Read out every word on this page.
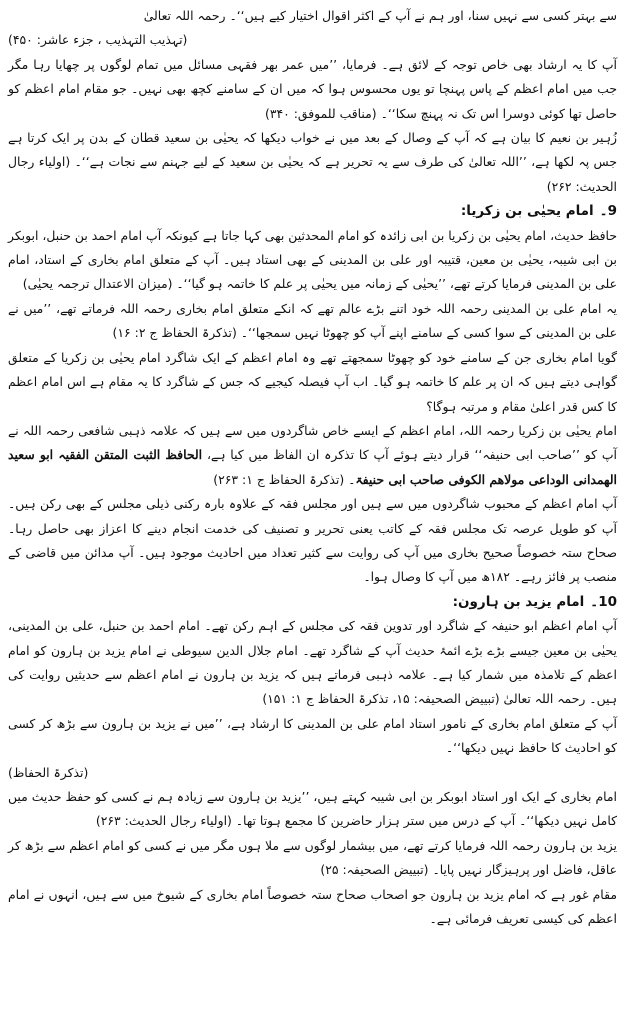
سے بہتر کسی سے نہیں سنا، اور ہم نے آپ کے اکثر اقوال اختیار کیے ہیں‘‘۔ رحمہ اللہ تعالیٰ

(تہذیب التہذیب ، جزء عاشر: ۴۵۰)

آپ کا یہ ارشاد بھی خاص توجہ کے لائق ہے۔ فرمایا، ’’میں عمر بھر فقہی مسائل میں تمام لوگوں پر چھایا رہا مگر جب میں امام اعظم کے پاس پہنچا تو یوں محسوس ہوا کہ میں ان کے سامنے کچھ بھی نہیں۔ جو مقام امام اعظم کو حاصل تھا کوئی دوسرا اس تک نہ پہنچ سکا‘‘۔ (مناقب للموفق: ۳۴۰)

زُہیر بن نعیم کا بیان ہے کہ آپ کے وصال کے بعد میں نے خواب دیکھا کہ یحیٰی بن سعید قطان کے بدن پر ایک کرتا ہے جس پہ لکھا ہے، ’’اللہ تعالیٰ کی طرف سے یہ تحریر ہے کہ یحیٰی بن سعید کے لیے جہنم سے نجات ہے‘‘۔ (اولیاء رجال الحدیث: ۲۶۲)

9۔امام یحیٰی بن زکریا:

حافظ حدیث، امام یحیٰی بن زکریا بن ابی زائدہ کو امام المحدثین بھی کہا جاتا ہے کیونکہ آپ امام احمد بن حنبل، ابوبکر بن ابی شیبہ، یحیٰی بن معین، قتیبہ اور علی بن المدینی کے بھی استاد ہیں۔ آپ کے متعلق امام بخاری کے استاد، امام علی بن المدینی فرمایا کرتے تھے، ’’یحیٰی کے زمانہ میں یحیٰی پر علم کا خاتمہ ہو گیا‘‘۔ (میزان الاعتدال ترجمہ یحیٰی)

یہ امام علی بن المدینی رحمہ اللہ خود اتنے بڑے عالم تھے کہ انکے متعلق امام بخاری رحمہ اللہ فرماتے تھے، ’’میں نے علی بن المدینی کے سوا کسی کے سامنے اپنے آپ کو چھوٹا نہیں سمجھا‘‘۔ (تذکرۃ الحفاظ ج ۲: ۱۶)

گویا امام بخاری جن کے سامنے خود کو چھوٹا سمجھتے تھے وہ امام اعظم کے ایک شاگرد امام یحیٰی بن زکریا کے متعلق گواہی دیتے ہیں کہ ان پر علم کا خاتمہ ہو گیا۔ اب آپ فیصلہ کیجیے کہ جس کے شاگرد کا یہ مقام ہے اس امام اعظم کا کس قدر اعلیٰ مقام و مرتبہ ہوگا؟

امام یحیٰی بن زکریا رحمہ اللہ، امام اعظم کے ایسے خاص شاگردوں میں سے ہیں کہ علامہ ذہبی شافعی رحمہ اللہ نے آپ کو ’’صاحب ابی حنیفہ‘‘ قرار دیتے ہوئے آپ کا تذکرہ ان الفاظ میں کیا ہے، الحافظ الثبت المتقن الفقیہ ابو سعید الھمدانی الوداعی مولاھم الکوفی صاحب ابی حنیفۃ۔ (تذکرۃ الحفاظ ج ۱: ۲۶۳)

آپ امام اعظم کے محبوب شاگردوں میں سے ہیں اور مجلس فقہ کے علاوہ بارہ رکنی ذیلی مجلس کے بھی رکن ہیں۔ آپ کو طویل عرصہ تک مجلس فقہ کے کاتب یعنی تحریر و تصنیف کی خدمت انجام دینے کا اعزاز بھی حاصل رہا۔ صحاح ستہ خصوصاً صحیح بخاری میں آپ کی روایت سے کثیر تعداد میں احادیث موجود ہیں۔ آپ مدائن میں قاضی کے منصب پر فائز رہے۔ ۱۸۲ھ میں آپ کا وصال ہوا۔

10۔امام یزید بن ہارون:

آپ امام اعظم ابو حنیفہ کے شاگرد اور تدوین فقہ کی مجلس کے اہم رکن تھے۔ امام احمد بن حنبل، علی بن المدینی، یحیٰی بن معین جیسے بڑے بڑے ائمۂ حدیث آپ کے شاگرد تھے۔ امام جلال الدین سیوطی نے امام یزید بن ہارون کو امام اعظم کے تلامذہ میں شمار کیا ہے۔ علامہ ذہبی فرماتے ہیں کہ یزید بن ہارون نے امام اعظم سے حدیثیں روایت کی ہیں۔ رحمہ اللہ تعالیٰ (تبییض الصحیفہ: ۱۵، تذکرۃ الحفاظ ج ۱: ۱۵۱)

آپ کے متعلق امام بخاری کے نامور استاد امام علی بن المدینی کا ارشاد ہے، ’’میں نے یزید بن ہارون سے بڑھ کر کسی کو احادیث کا حافظ نہیں دیکھا‘‘۔

(تذکرۃ الحفاظ)

امام بخاری کے ایک اور استاد ابوبکر بن ابی شیبہ کہتے ہیں، ’’یزید بن ہارون سے زیادہ ہم نے کسی کو حفظ حدیث میں کامل نہیں دیکھا‘‘۔ آپ کے درس میں ستر ہزار حاضرین کا مجمع ہوتا تھا۔ (اولیاء رجال الحدیث: ۲۶۳)

یزید بن ہارون رحمہ اللہ فرمایا کرتے تھے، میں بیشمار لوگوں سے ملا ہوں مگر میں نے کسی کو امام اعظم سے بڑھ کر عاقل، فاضل اور پرہیزگار نہیں پایا۔ (تبییض الصحیفہ: ۲۵)

مقام غور ہے کہ امام یزید بن ہارون جو اصحاب صحاح ستہ خصوصاً امام بخاری کے شیوخ میں سے ہیں، انہوں نے امام اعظم کی کیسی تعریف فرمائی ہے۔
